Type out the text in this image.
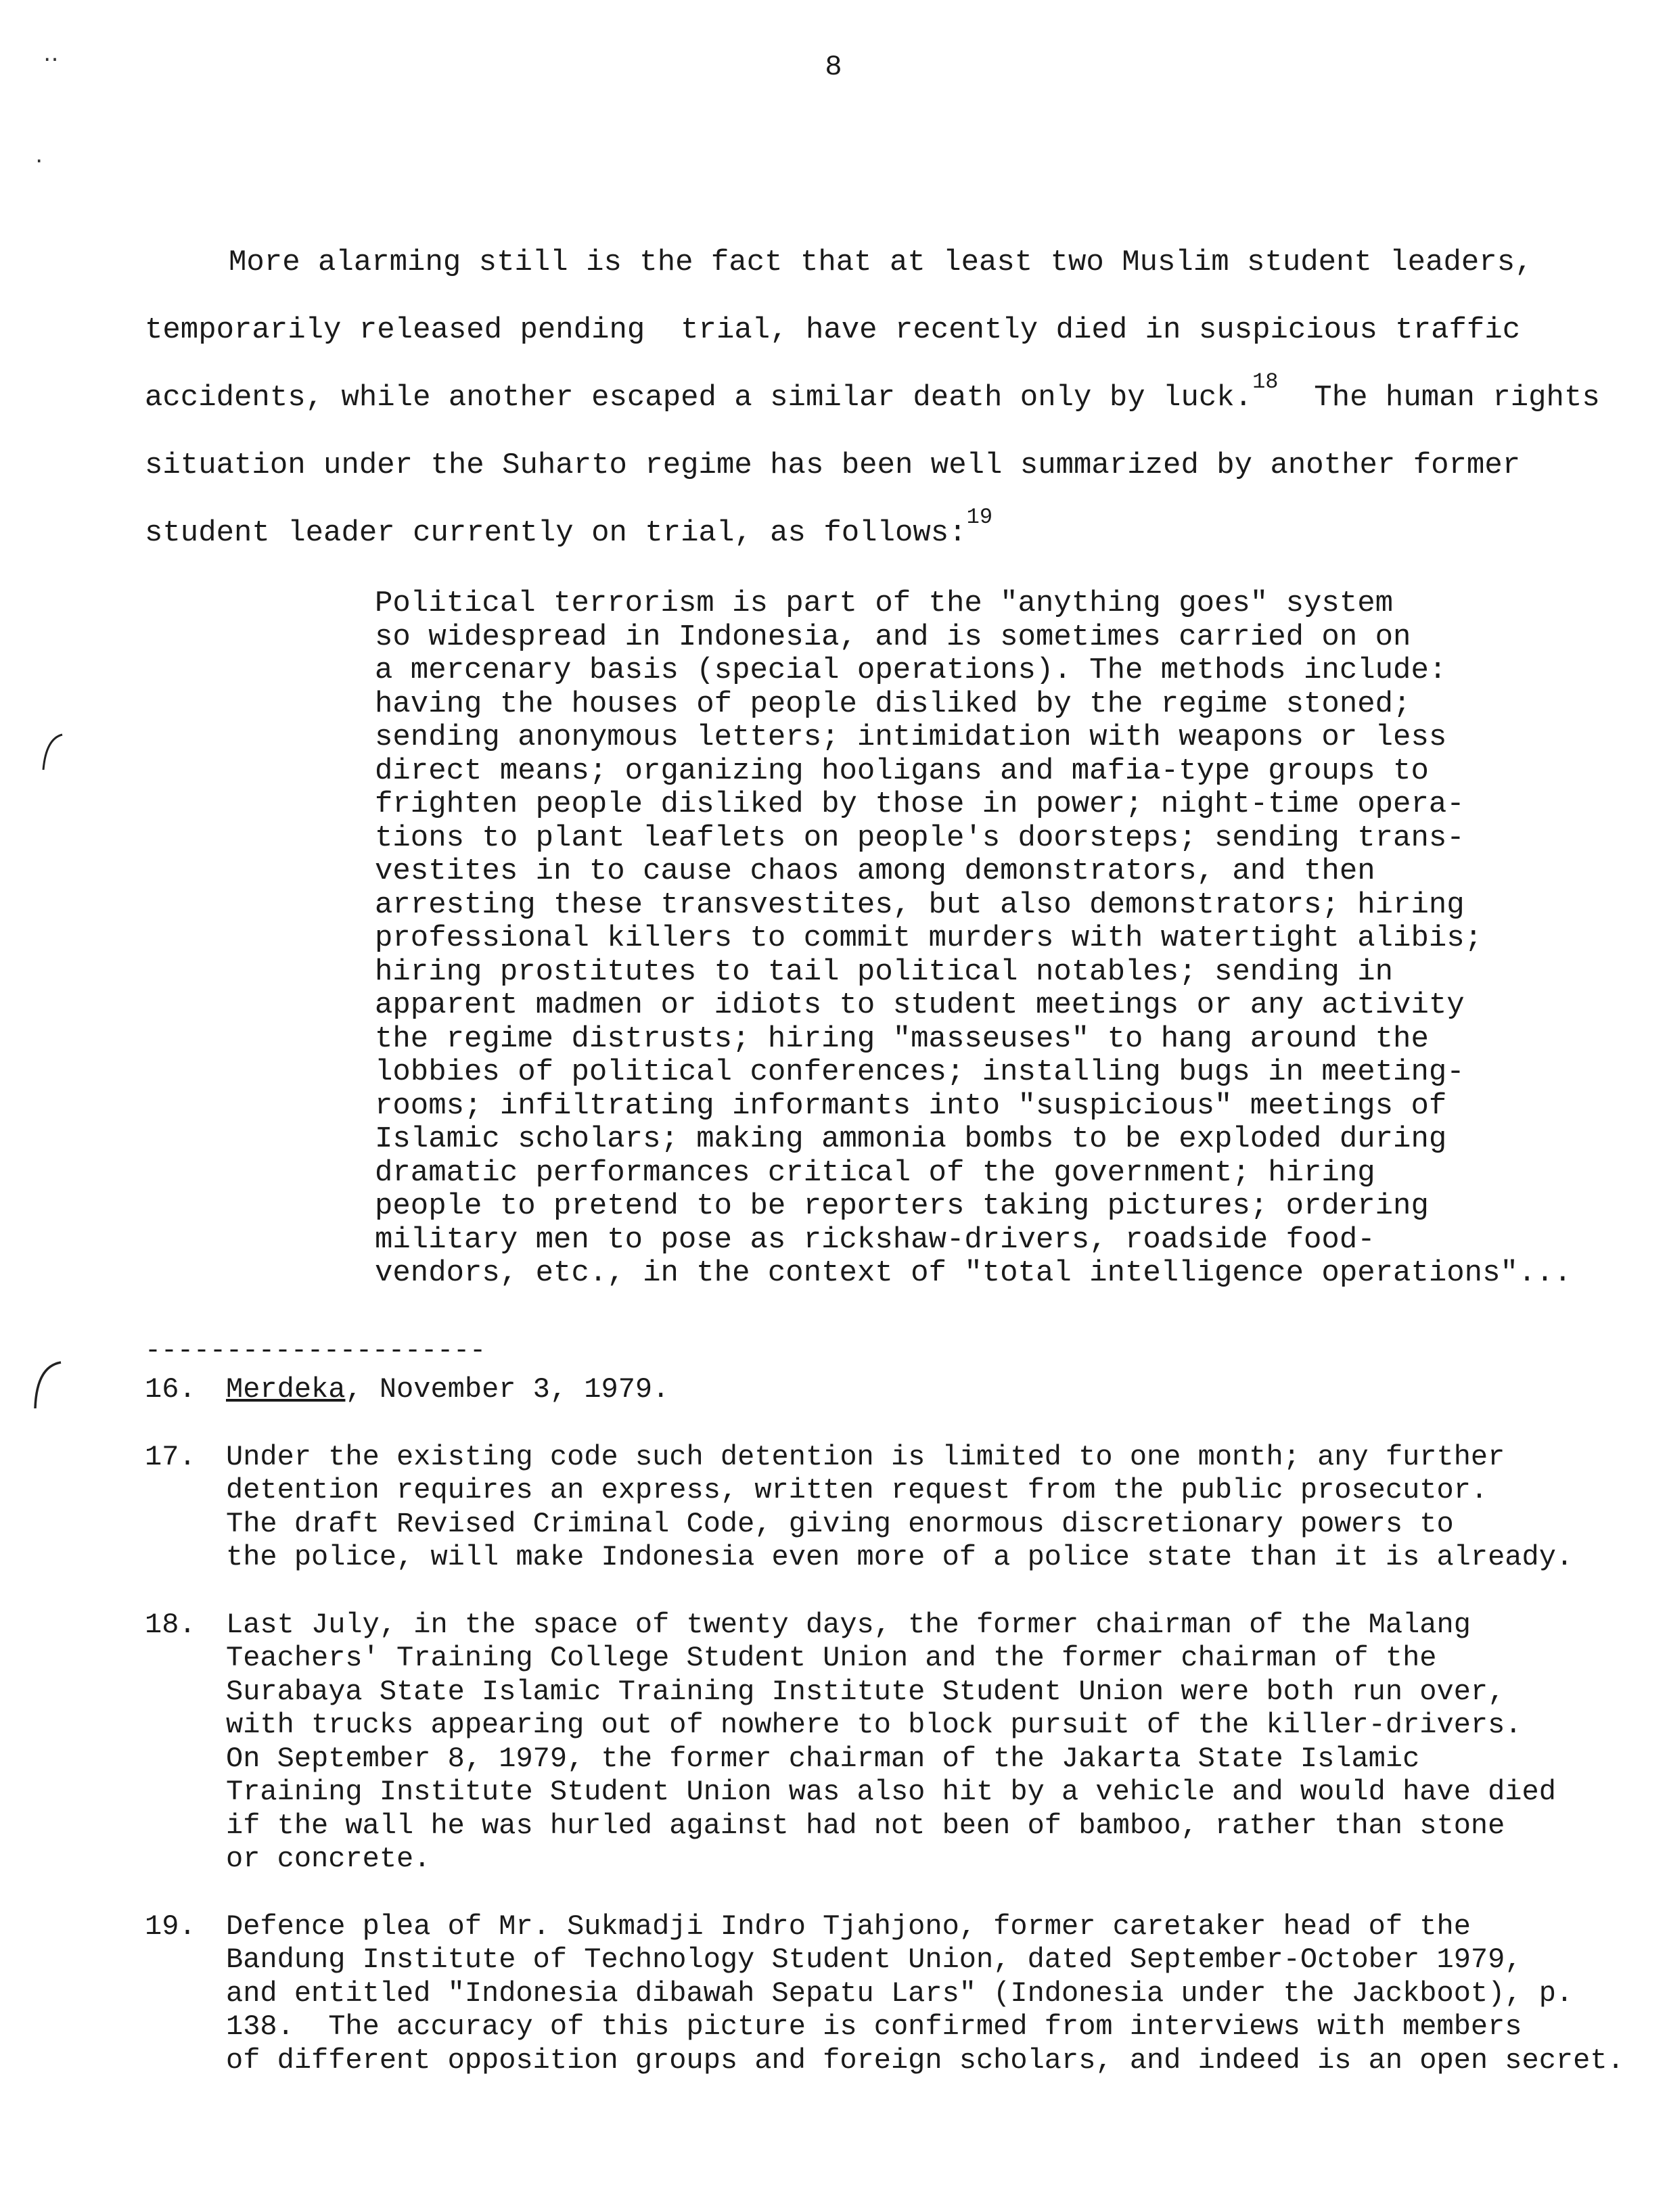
‥
․
8
More alarming still is the fact that at least two Muslim student leaders,
temporarily released pending  trial, have recently died in suspicious traffic
accidents, while another escaped a similar death only by luck.$^{18}$  The human rights
situation under the Suharto regime has been well summarized by another former
student leader currently on trial, as follows:$^{19}$
Political terrorism is part of the "anything goes" system
so widespread in Indonesia, and is sometimes carried on on
a mercenary basis (special operations). The methods include:
having the houses of people disliked by the regime stoned;
sending anonymous letters; intimidation with weapons or less
direct means; organizing hooligans and mafia-type groups to
frighten people disliked by those in power; night-time opera-
tions to plant leaflets on people's doorsteps; sending trans-
vestites in to cause chaos among demonstrators, and then
arresting these transvestites, but also demonstrators; hiring
professional killers to commit murders with watertight alibis;
hiring prostitutes to tail political notables; sending in
apparent madmen or idiots to student meetings or any activity
the regime distrusts; hiring "masseuses" to hang around the
lobbies of political conferences; installing bugs in meeting-
rooms; infiltrating informants into "suspicious" meetings of
Islamic scholars; making ammonia bombs to be exploded during
dramatic performances critical of the government; hiring
people to pretend to be reporters taking pictures; ordering
military men to pose as rickshaw-drivers, roadside food-
vendors, etc., in the context of "total intelligence operations"...
---------------------
16. Merdeka, November 3, 1979.
17. Under the existing code such detention is limited to one month; any further
detention requires an express, written request from the public prosecutor.
The draft Revised Criminal Code, giving enormous discretionary powers to
the police, will make Indonesia even more of a police state than it is already.
18. Last July, in the space of twenty days, the former chairman of the Malang
Teachers' Training College Student Union and the former chairman of the
Surabaya State Islamic Training Institute Student Union were both run over,
with trucks appearing out of nowhere to block pursuit of the killer-drivers.
On September 8, 1979, the former chairman of the Jakarta State Islamic
Training Institute Student Union was also hit by a vehicle and would have died
if the wall he was hurled against had not been of bamboo, rather than stone
or concrete.
19. Defence plea of Mr. Sukmadji Indro Tjahjono, former caretaker head of the
Bandung Institute of Technology Student Union, dated September-October 1979,
and entitled "Indonesia dibawah Sepatu Lars" (Indonesia under the Jackboot), p.
138.  The accuracy of this picture is confirmed from interviews with members
of different opposition groups and foreign scholars, and indeed is an open secret.
